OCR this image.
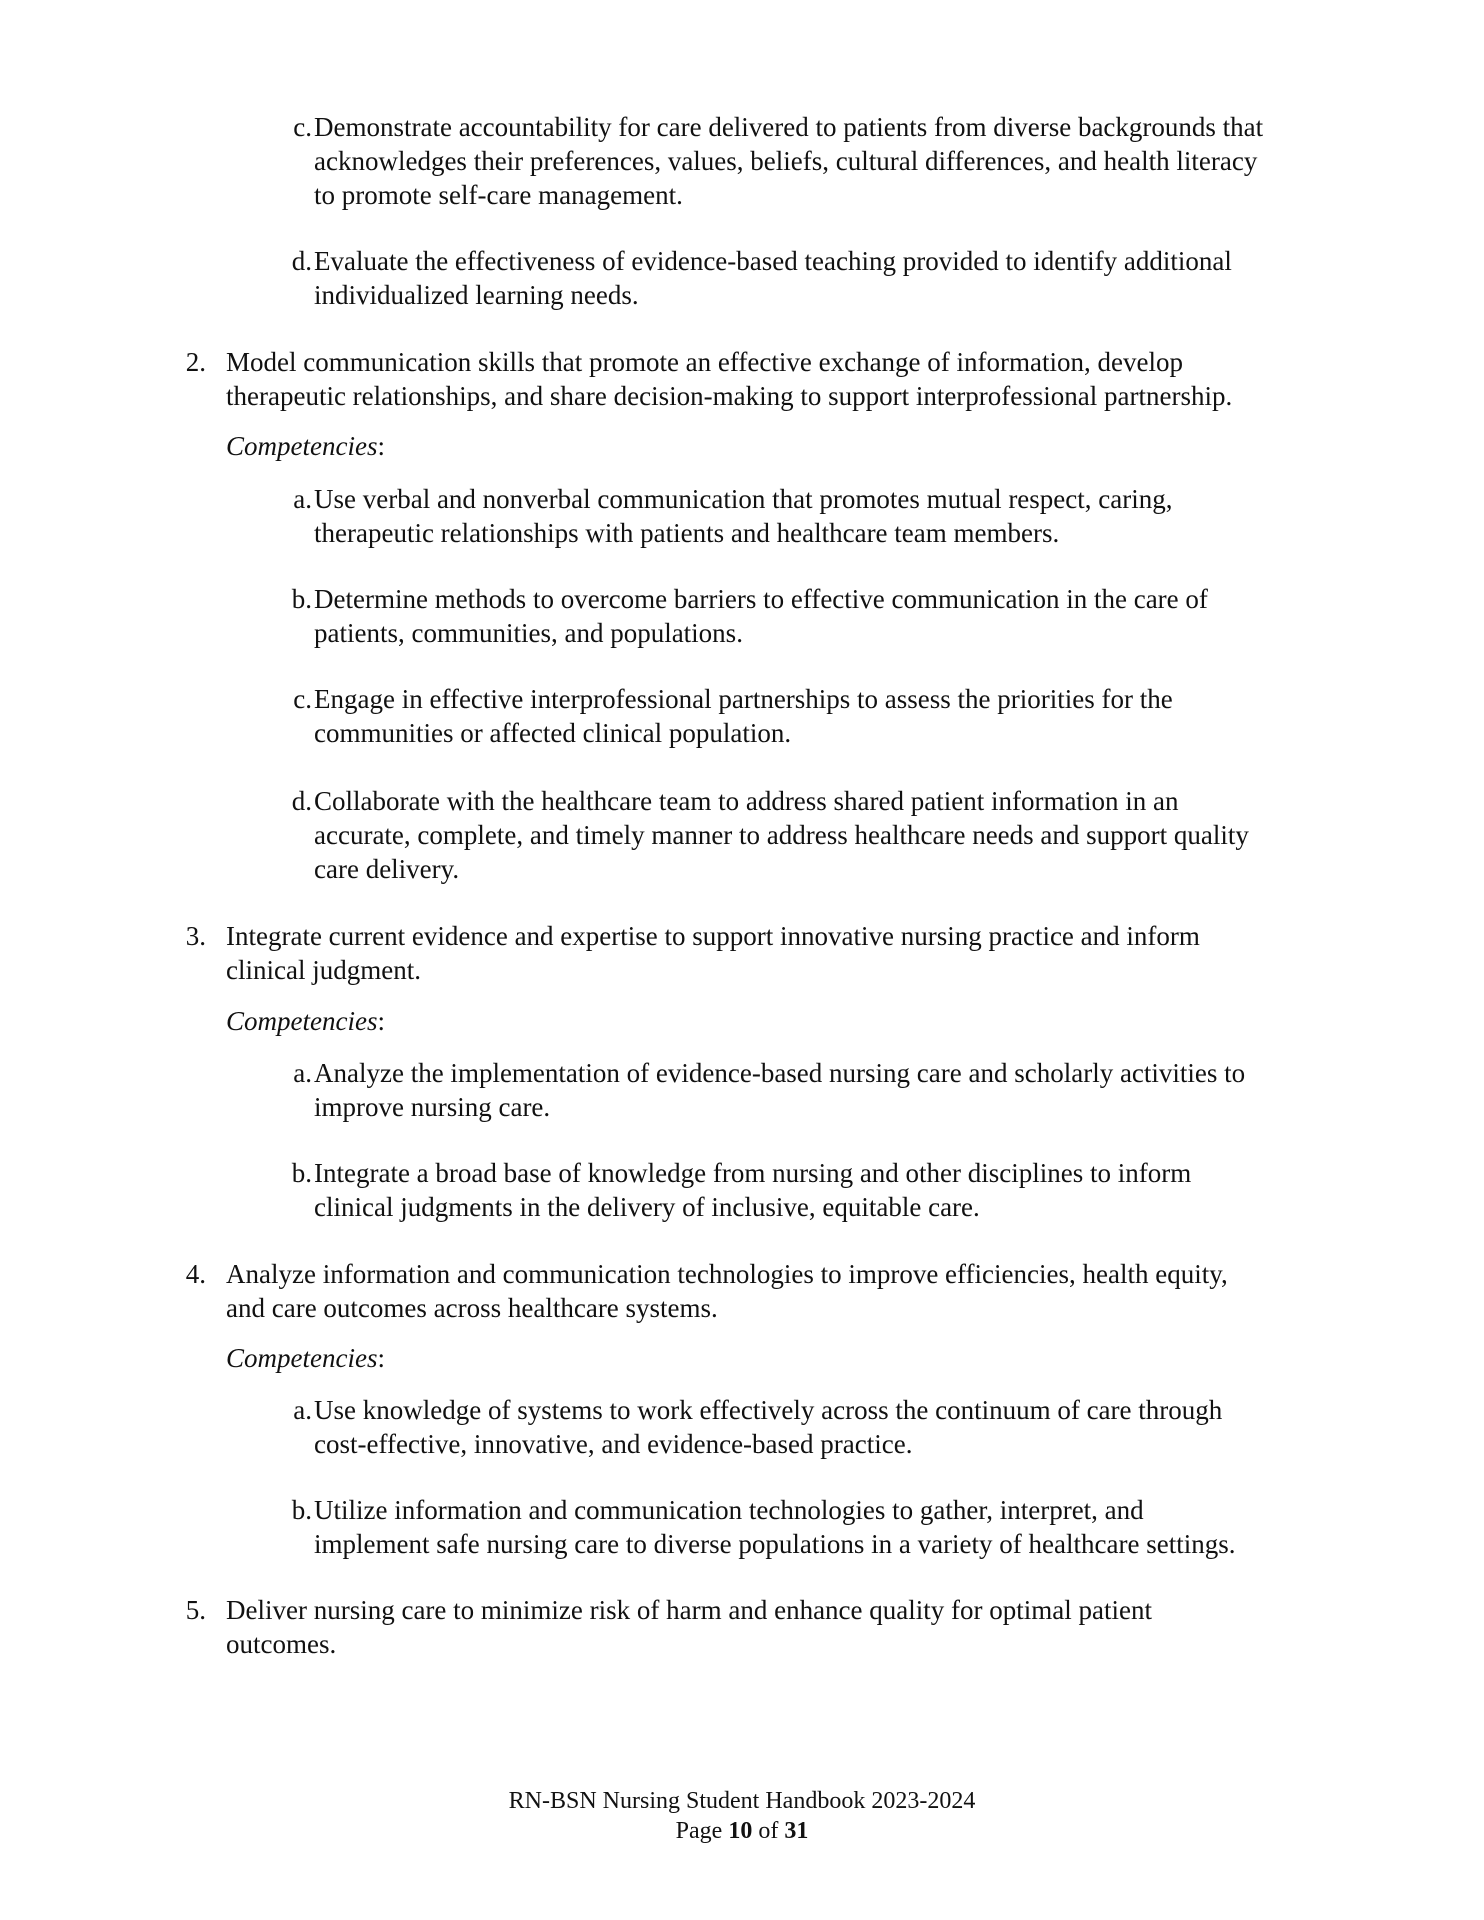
c. Demonstrate accountability for care delivered to patients from diverse backgrounds that
acknowledges their preferences, values, beliefs, cultural differences, and health literacy
to promote self-care management.
d. Evaluate the effectiveness of evidence-based teaching provided to identify additional
individualized learning needs.
2. Model communication skills that promote an effective exchange of information, develop
therapeutic relationships, and share decision-making to support interprofessional partnership.
Competencies:
a. Use verbal and nonverbal communication that promotes mutual respect, caring,
therapeutic relationships with patients and healthcare team members.
b. Determine methods to overcome barriers to effective communication in the care of
patients, communities, and populations.
c. Engage in effective interprofessional partnerships to assess the priorities for the
communities or affected clinical population.
d. Collaborate with the healthcare team to address shared patient information in an
accurate, complete, and timely manner to address healthcare needs and support quality
care delivery.
3. Integrate current evidence and expertise to support innovative nursing practice and inform
clinical judgment.
Competencies:
a. Analyze the implementation of evidence-based nursing care and scholarly activities to
improve nursing care.
b. Integrate a broad base of knowledge from nursing and other disciplines to inform
clinical judgments in the delivery of inclusive, equitable care.
4. Analyze information and communication technologies to improve efficiencies, health equity,
and care outcomes across healthcare systems.
Competencies:
a. Use knowledge of systems to work effectively across the continuum of care through
cost-effective, innovative, and evidence-based practice.
b. Utilize information and communication technologies to gather, interpret, and
implement safe nursing care to diverse populations in a variety of healthcare settings.
5. Deliver nursing care to minimize risk of harm and enhance quality for optimal patient
outcomes.
RN-BSN Nursing Student Handbook 2023-2024
Page 10 of 31
